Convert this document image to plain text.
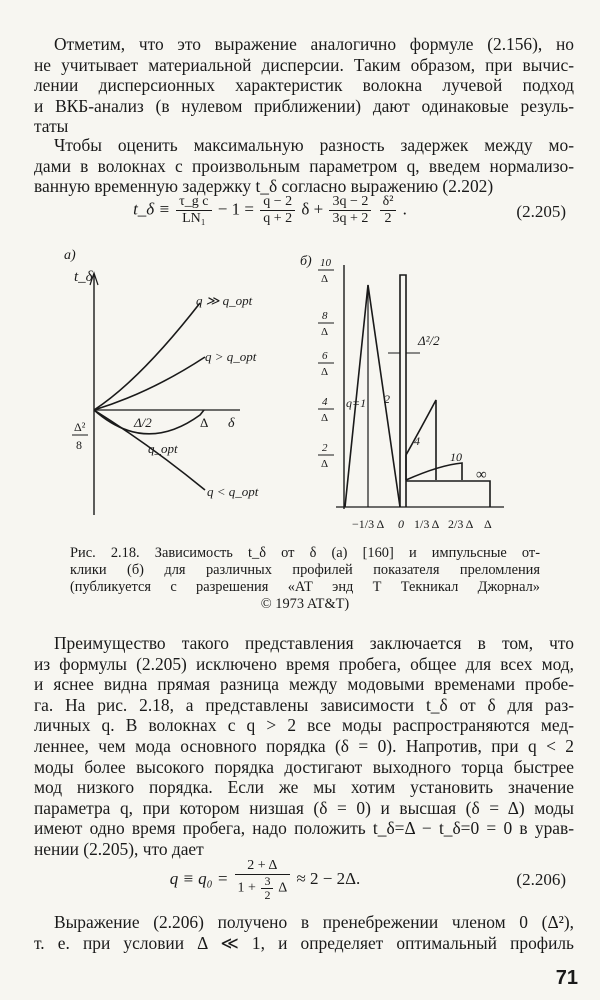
Отметим, что это выражение аналогично формуле (2.156), но
не учитывает материальной дисперсии. Таким образом, при вычис-
лении дисперсионных характеристик волокна лучевой подход
и ВКБ-анализ (в нулевом приближении) дают одинаковые резуль-
таты
Чтобы оценить максимальную разность задержек между мо-
дами в волокнах с произвольным параметром q, введем нормализо-
ванную временную задержку t_δ согласно выражению (2.202)
t_δ ≡ $\frac{\text{τ\_g c}}{\text{LN₁}} - 1 = \frac{q - 2}{q + 2}$ $\delta + \frac{3q - 2}{3q + 2}$
$\frac{\text{δ²}}{2}$ .	(2.205)
а)
t_δ
q ≫ q_opt
q > q_opt
q_opt
q < q_opt
Δ/2	Δ δ
Δ²
8
б) 10
Δ
8
Δ
6
Δ
4
Δ
2
Δ
Δ²/2
q=1 2
4
10
∞
−1/3 Δ 0 1/3 Δ 2/3 Δ Δ
Рис. 2.18. Зависимость t_δ от δ (а) [160] и импульсные от-
клики (б) для различных профилей показателя преломления
(публикуется с разрешения «АТ энд Т Текникал Джорнал»
© 1973 AT&T)
Преимущество такого представления заключается в том, что
из формулы (2.205) исключено время пробега, общее для всех мод,
и яснее видна прямая разница между модовыми временами пробе-
га. На рис. 2.18, а представлены зависимости t_δ от δ для раз-
личных q. В волокнах с q > 2 все моды распространяются мед-
леннее, чем мода основного порядка (δ = 0). Напротив, при q < 2
моды более высокого порядка достигают выходного торца быстрее
мод низкого порядка. Если же мы хотим установить значение
параметра q, при котором низшая (δ = 0) и высшая (δ = Δ) моды
имеют одно время пробега, надо положить t_δ=Δ − t_δ=0 = 0 в урав-
нении (2.205), что дает
$q \equiv q_0 = \frac{2 + \Delta}{1 + \frac{3}{2} \Delta} \approx 2 - 2\Delta$.	(2.206)
Выражение (2.206) получено в пренебрежении членом 0 (Δ²),
т. е. при условии Δ ≪ 1, и определяет оптимальный профиль
71
